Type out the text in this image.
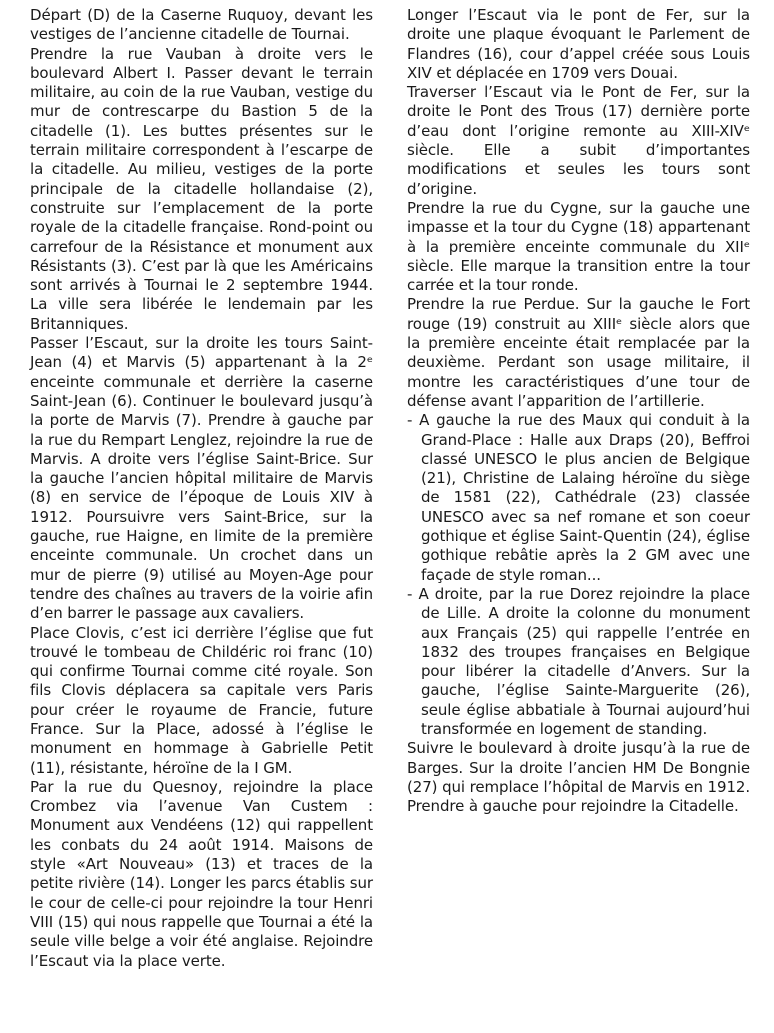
Départ (D) de la Caserne Ruquoy, devant les vestiges de l’ancienne citadelle de Tournai.

Prendre la rue Vauban à droite vers le boulevard Albert I. Passer devant le terrain militaire, au coin de la rue Vauban, vestige du mur de contrescarpe du Bastion 5 de la citadelle (1). Les buttes présentes sur le terrain militaire correspondent à l’escarpe de la citadelle. Au milieu, vestiges de la porte principale de la citadelle hollandaise (2), construite sur l’emplacement de la porte royale de la citadelle française. Rond-point ou carrefour de la Résistance et monument aux Résistants (3). C’est par là que les Américains sont arrivés à Tournai le 2 septembre 1944. La ville sera libérée le lendemain par les Britanniques.

Passer l’Escaut, sur la droite les tours Saint-Jean (4) et Marvis (5) appartenant à la 2ᵉ enceinte communale et derrière la caserne Saint-Jean (6). Continuer le boulevard jusqu’à la porte de Marvis (7). Prendre à gauche par la rue du Rempart Lenglez, rejoindre la rue de Marvis. A droite vers l’église Saint-Brice. Sur la gauche l’ancien hôpital militaire de Marvis (8) en service de l’époque de Louis XIV à 1912. Poursuivre vers Saint-Brice, sur la gauche, rue Haigne, en limite de la première enceinte communale. Un crochet dans un mur de pierre (9) utilisé au Moyen-Age pour tendre des chaînes au travers de la voirie afin d’en barrer le passage aux cavaliers.

Place Clovis, c’est ici derrière l’église que fut trouvé le tombeau de Childéric roi franc (10) qui confirme Tournai comme cité royale. Son fils Clovis déplacera sa capitale vers Paris pour créer le royaume de Francie, future France. Sur la Place, adossé à l’église le monument en hommage à Gabrielle Petit (11), résistante, héroïne de la I GM.

Par la rue du Quesnoy, rejoindre la place Crombez via l’avenue Van Custem : Monument aux Vendéens (12) qui rappellent les conbats du 24 août 1914. Maisons de style «Art Nouveau» (13) et traces de la petite rivière (14). Longer les parcs établis sur le cour de celle-ci pour rejoindre la tour Henri VIII (15) qui nous rappelle que Tournai a été la seule ville belge a voir été anglaise. Rejoindre l’Escaut via la place verte.

Longer l’Escaut via le pont de Fer, sur la droite une plaque évoquant le Parlement de Flandres (16), cour d’appel créée sous Louis XIV et déplacée en 1709 vers Douai.

Traverser l’Escaut via le Pont de Fer, sur la droite le Pont des Trous (17) dernière porte d’eau dont l’origine remonte au XIII-XIVᵉ siècle. Elle a subit d’importantes modifications et seules les tours sont d’origine.

Prendre la rue du Cygne, sur la gauche une impasse et la tour du Cygne (18) appartenant à la première enceinte communale du XIIᵉ siècle. Elle marque la transition entre la tour carrée et la tour ronde.

Prendre la rue Perdue. Sur la gauche le Fort rouge (19) construit au XIIIᵉ siècle alors que la première enceinte était remplacée par la deuxième. Perdant son usage militaire, il montre les caractéristiques d’une tour de défense avant l’apparition de l’artillerie.

- A gauche la rue des Maux qui conduit à la Grand-Place : Halle aux Draps (20), Beffroi classé UNESCO le plus ancien de Belgique (21), Christine de Lalaing héroïne du siège de 1581 (22), Cathédrale (23) classée UNESCO avec sa nef romane et son coeur gothique et église Saint-Quentin (24), église gothique rebâtie après la 2 GM avec une façade de style roman...

- A droite, par la rue Dorez rejoindre la place de Lille. A droite la colonne du monument aux Français (25) qui rappelle l’entrée en 1832 des troupes françaises en Belgique pour libérer la citadelle d’Anvers. Sur la gauche, l’église Sainte-Marguerite (26), seule église abbatiale à Tournai aujourd’hui transformée en logement de standing.

Suivre le boulevard à droite jusqu’à la rue de Barges. Sur la droite l’ancien HM De Bongnie (27) qui remplace l’hôpital de Marvis en 1912. Prendre à gauche pour rejoindre la Citadelle.
